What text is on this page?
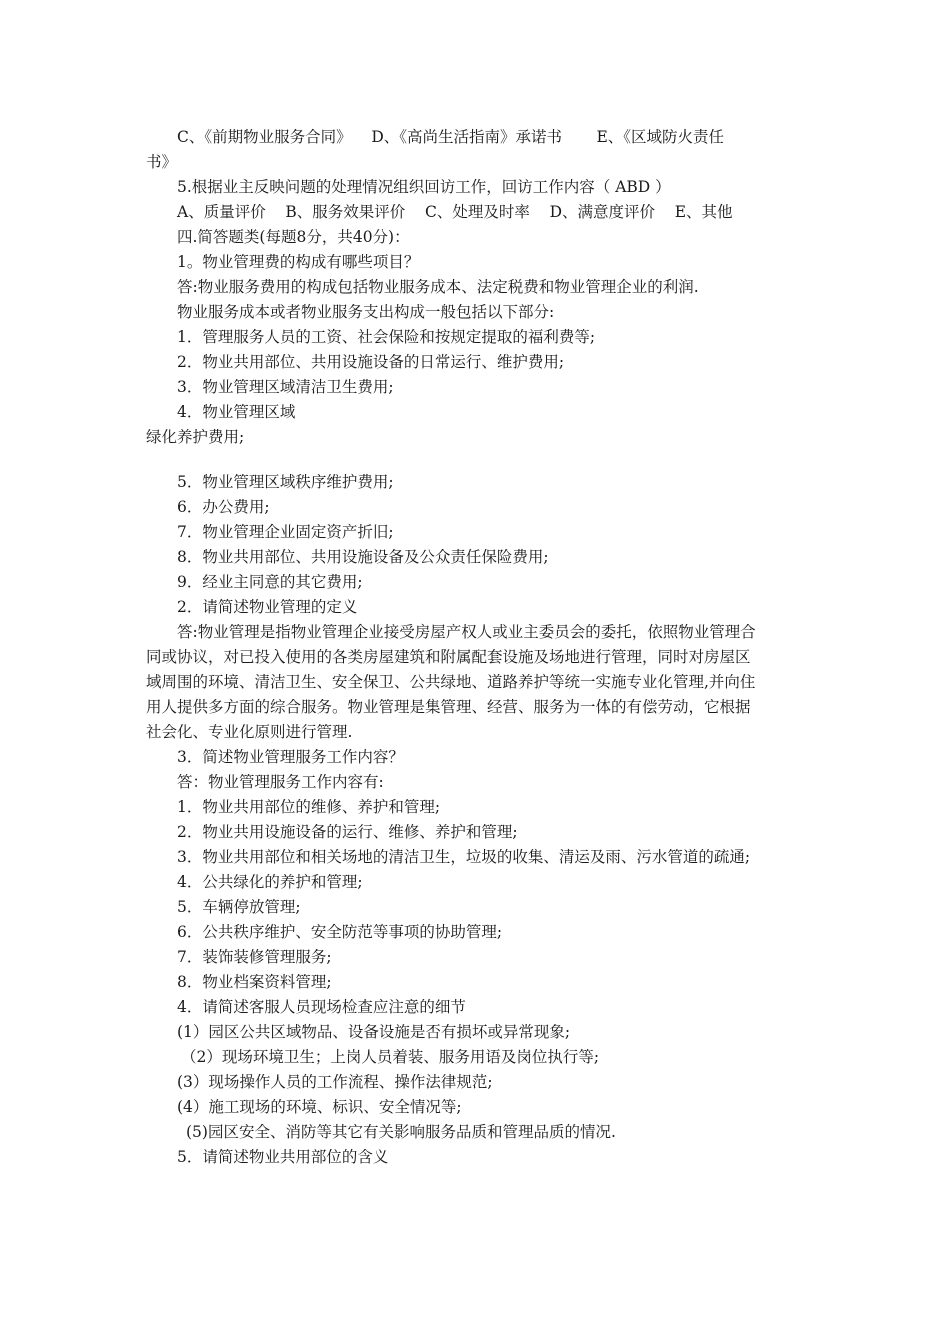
C、《前期物业服务合同》    D、《高尚生活指南》承诺书       E、《区域防火责任
书》
5.根据业主反映问题的处理情况组织回访工作，回访工作内容（ ABD ）
A、质量评价    B、服务效果评价    C、处理及时率    D、满意度评价    E、其他
四.简答题类(每题8分，共40分)：
1。物业管理费的构成有哪些项目？
答:物业服务费用的构成包括物业服务成本、法定税费和物业管理企业的利润.
物业服务成本或者物业服务支出构成一般包括以下部分:
1．管理服务人员的工资、社会保险和按规定提取的福利费等;
2．物业共用部位、共用设施设备的日常运行、维护费用;
3．物业管理区域清洁卫生费用;
4．物业管理区域
绿化养护费用;
5．物业管理区域秩序维护费用;
6．办公费用;
7．物业管理企业固定资产折旧;
8．物业共用部位、共用设施设备及公众责任保险费用;
9．经业主同意的其它费用;
2．请简述物业管理的定义
答:物业管理是指物业管理企业接受房屋产权人或业主委员会的委托，依照物业管理合
同或协议，对已投入使用的各类房屋建筑和附属配套设施及场地进行管理，同时对房屋区
域周围的环境、清洁卫生、安全保卫、公共绿地、道路养护等统一实施专业化管理,并向住
用人提供多方面的综合服务。物业管理是集管理、经营、服务为一体的有偿劳动，它根据
社会化、专业化原则进行管理.
3．简述物业管理服务工作内容？
答：物业管理服务工作内容有:
1．物业共用部位的维修、养护和管理;
2．物业共用设施设备的运行、维修、养护和管理;
3．物业共用部位和相关场地的清洁卫生，垃圾的收集、清运及雨、污水管道的疏通;
4．公共绿化的养护和管理;
5．车辆停放管理;
6．公共秩序维护、安全防范等事项的协助管理;
7．装饰装修管理服务;
8．物业档案资料管理;
4．请简述客服人员现场检查应注意的细节
(1）园区公共区域物品、设备设施是否有损坏或异常现象;
（2）现场环境卫生；上岗人员着装、服务用语及岗位执行等;
(3）现场操作人员的工作流程、操作法律规范;
(4）施工现场的环境、标识、安全情况等;
(5)园区安全、消防等其它有关影响服务品质和管理品质的情况.
5．请简述物业共用部位的含义
